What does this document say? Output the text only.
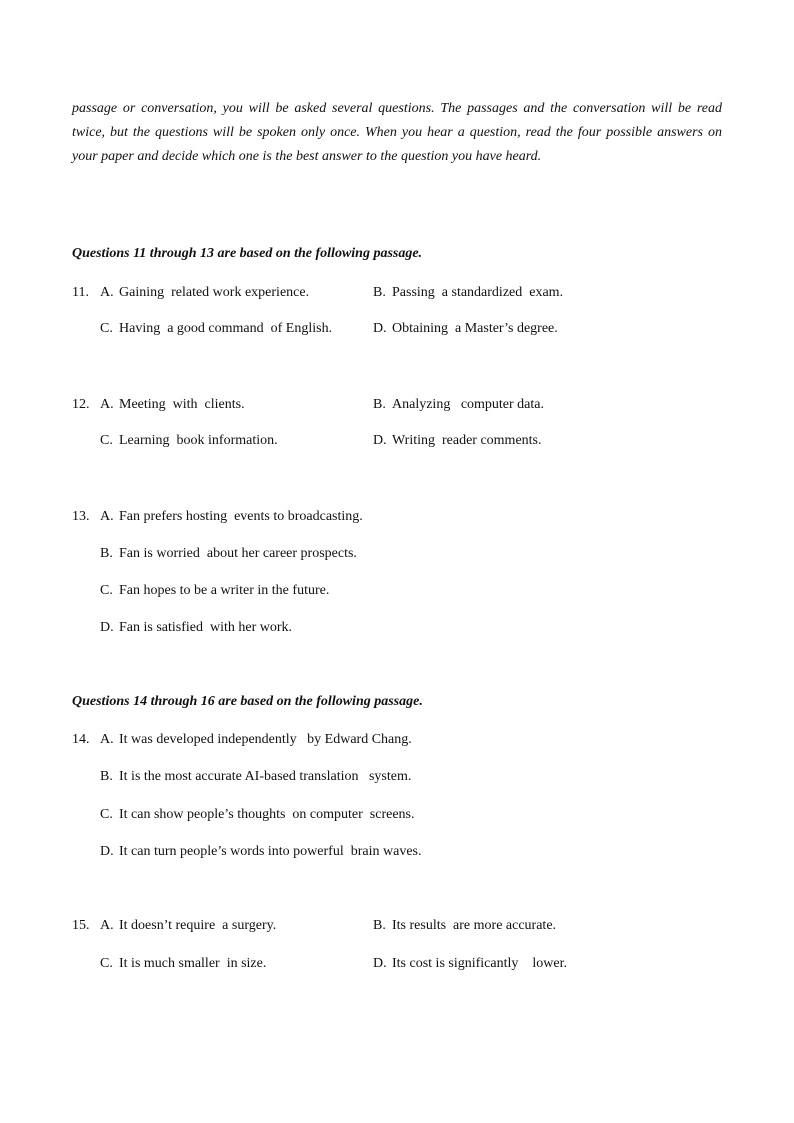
passage or conversation, you will be asked several questions. The passages and the conversation will be read twice, but the questions will be spoken only once. When you hear a question, read the four possible answers on your paper and decide which one is the best answer to the question you have heard.
Questions 11 through 13 are based on the following passage.
11. A. Gaining  related work experience.	B. Passing  a standardized  exam.
C. Having  a good command  of English.	D. Obtaining  a Master’s degree.
12. A. Meeting  with  clients.	B. Analyzing   computer data.
C. Learning  book information.	D. Writing  reader comments.
13. A. Fan prefers hosting  events to broadcasting.
B. Fan is worried  about her career prospects.
C. Fan hopes to be a writer in the future.
D. Fan is satisfied  with her work.
Questions 14 through 16 are based on the following passage.
14. A. It was developed independently   by Edward Chang.
B. It is the most accurate AI-based translation   system.
C. It can show people’s thoughts  on computer  screens.
D. It can turn people’s words into powerful  brain waves.
15. A. It doesn’t require  a surgery.	B. Its results  are more accurate.
C. It is much smaller  in size.	D. Its cost is significantly    lower.
